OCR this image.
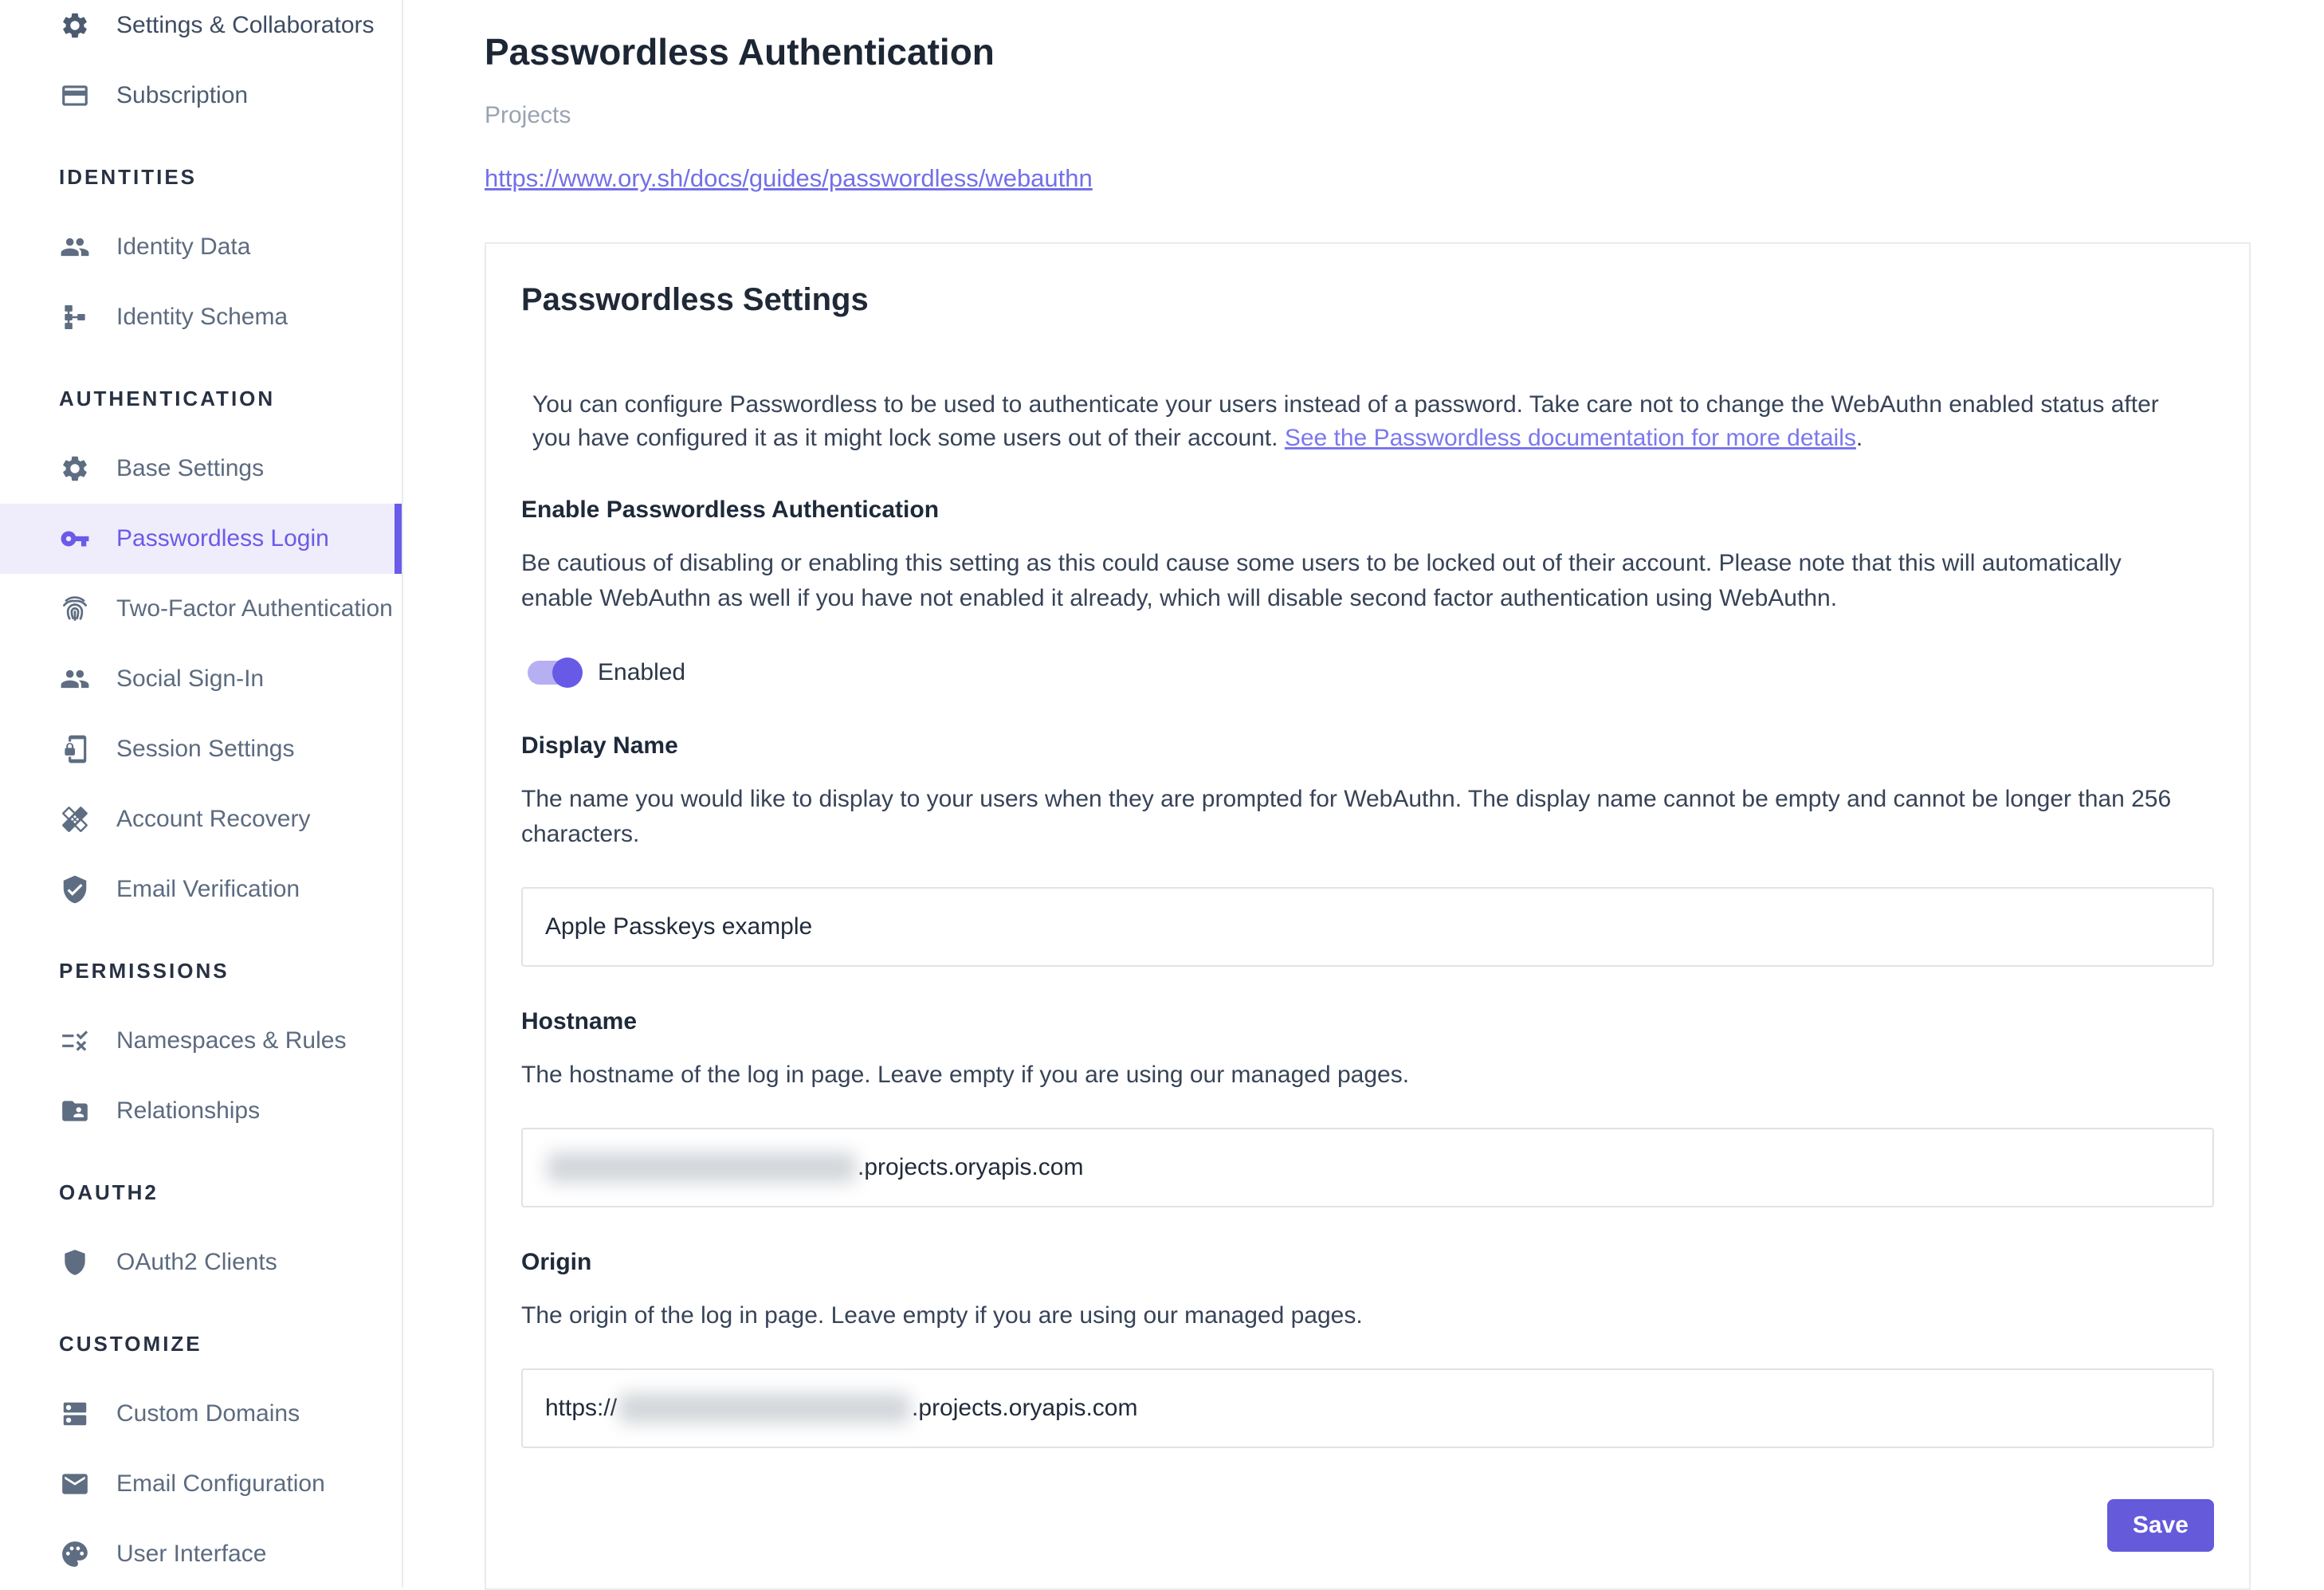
Settings & Collaborators
Subscription
IDENTITIES
Identity Data
Identity Schema
AUTHENTICATION
Base Settings
Passwordless Login
Two-Factor Authentication
Social Sign-In
Session Settings
Account Recovery
Email Verification
PERMISSIONS
Namespaces & Rules
Relationships
OAUTH2
OAuth2 Clients
CUSTOMIZE
Custom Domains
Email Configuration
User Interface
Passwordless Authentication
Projects
https://www.ory.sh/docs/guides/passwordless/webauthn
Passwordless Settings

You can configure Passwordless to be used to authenticate your users instead of a password. Take care not to change the WebAuthn enabled status after you have configured it as it might lock some users out of their account. See the Passwordless documentation for more details.

Enable Passwordless Authentication
Be cautious of disabling or enabling this setting as this could cause some users to be locked out of their account. Please note that this will automatically enable WebAuthn as well if you have not enabled it already, which will disable second factor authentication using WebAuthn.
Enabled
Display Name
The name you would like to display to your users when they are prompted for WebAuthn. The display name cannot be empty and cannot be longer than 256 characters.
Apple Passkeys example
Hostname
The hostname of the log in page. Leave empty if you are using our managed pages.
.projects.oryapis.com
Origin
The origin of the log in page. Leave empty if you are using our managed pages.
https://	.projects.oryapis.com
Save
